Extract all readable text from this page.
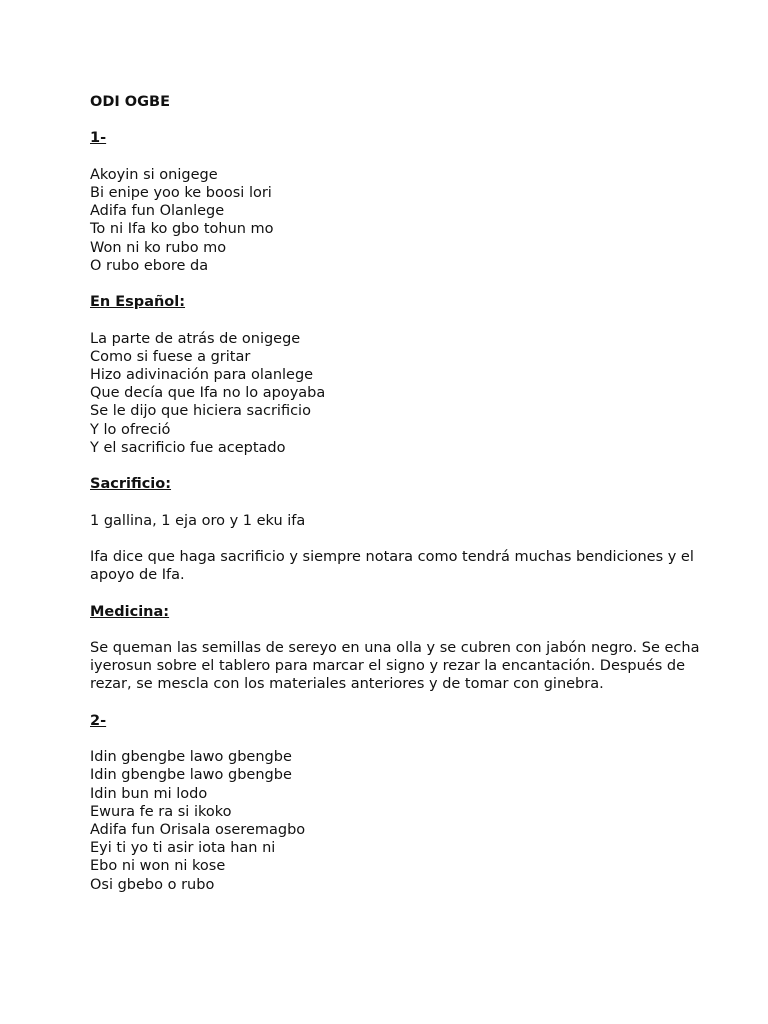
ODI OGBE
1-
Akoyin si onigege
Bi enipe yoo ke boosi lori
Adifa fun Olanlege
To ni Ifa ko gbo tohun mo
Won ni ko rubo mo
O rubo ebore da
En Español:
La parte de atrás de onigege
Como si fuese a gritar
Hizo adivinación para olanlege
Que decía que Ifa no lo apoyaba
Se le dijo que hiciera sacrificio
Y lo ofreció
Y el sacrificio fue aceptado
Sacrificio:
1 gallina, 1 eja oro y 1 eku ifa
Ifa dice que haga sacrificio y siempre notara como tendrá muchas bendiciones y el apoyo de Ifa.
Medicina:
Se queman las semillas de sereyo en una olla y se cubren con jabón negro. Se echa iyerosun sobre el tablero para marcar el signo y rezar la encantación. Después de rezar, se mescla con los materiales anteriores y de tomar con ginebra.
2-
Idin gbengbe lawo gbengbe
Idin gbengbe lawo gbengbe
Idin bun mi lodo
Ewura fe ra si ikoko
Adifa fun Orisala oseremagbo
Eyi ti yo ti asir iota han ni
Ebo ni won ni kose
Osi gbebo o rubo
